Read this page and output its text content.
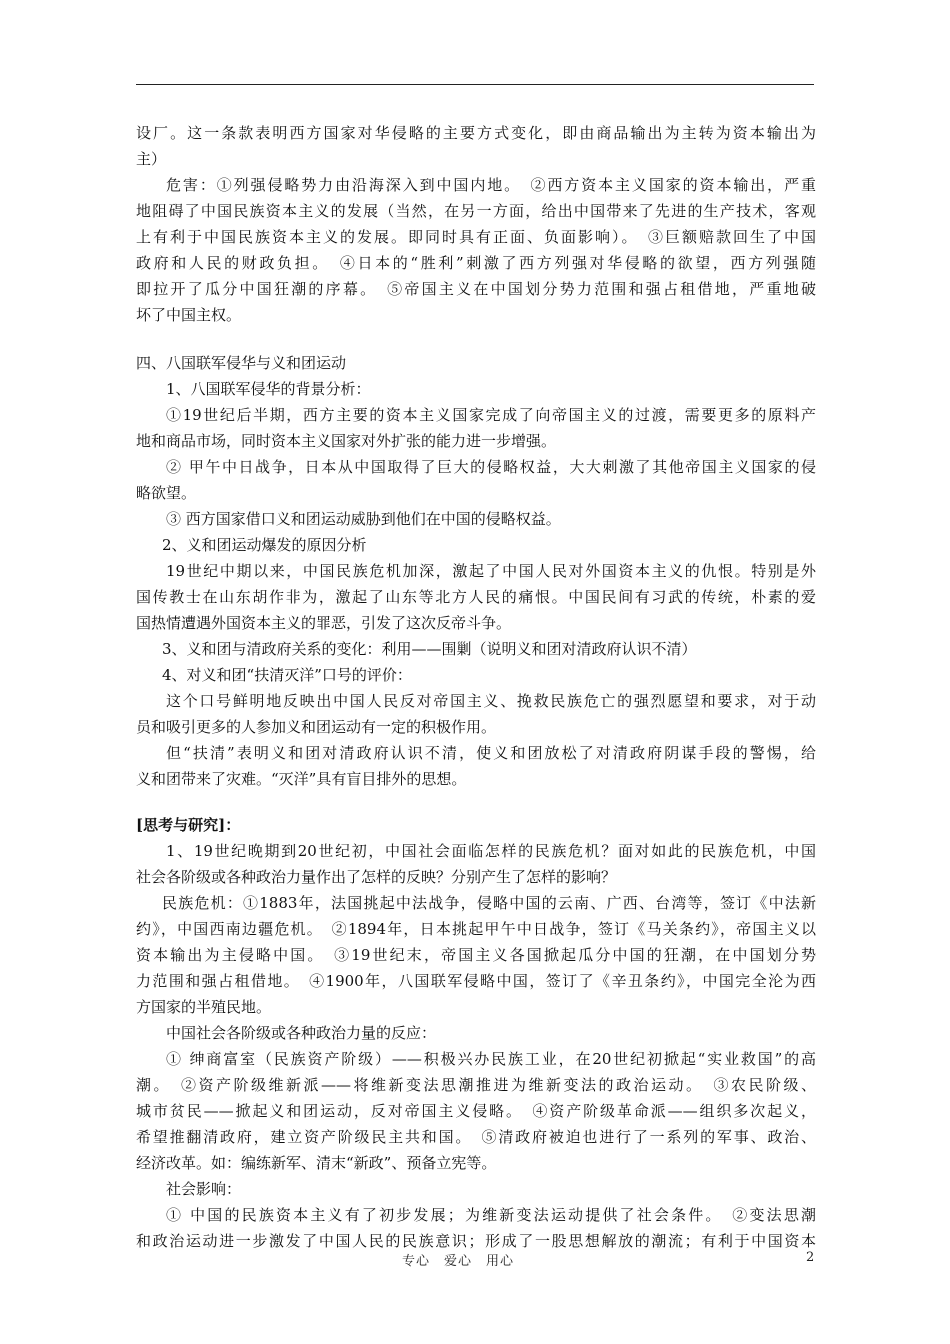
设厂。这一条款表明西方国家对华侵略的主要方式变化，即由商品输出为主转为资本输出为
主）
危害：①列强侵略势力由沿海深入到中国内地。　②西方资本主义国家的资本输出，严重
地阻碍了中国民族资本主义的发展（当然，在另一方面，给出中国带来了先进的生产技术，客观
上有利于中国民族资本主义的发展。即同时具有正面、负面影响）。　③巨额赔款回生了中国
政府和人民的财政负担。　④日本的“胜利”刺激了西方列强对华侵略的欲望，西方列强随
即拉开了瓜分中国狂潮的序幕。　⑤帝国主义在中国划分势力范围和强占租借地，严重地破
坏了中国主权。
四、八国联军侵华与义和团运动
1、八国联军侵华的背景分析：
①19世纪后半期，西方主要的资本主义国家完成了向帝国主义的过渡，需要更多的原料产
地和商品市场，同时资本主义国家对外扩张的能力进一步增强。
② 甲午中日战争，日本从中国取得了巨大的侵略权益，大大刺激了其他帝国主义国家的侵
略欲望。
③ 西方国家借口义和团运动威胁到他们在中国的侵略权益。
2、义和团运动爆发的原因分析
19世纪中期以来，中国民族危机加深，激起了中国人民对外国资本主义的仇恨。特别是外
国传教士在山东胡作非为，激起了山东等北方人民的痛恨。中国民间有习武的传统，朴素的爱
国热情遭遇外国资本主义的罪恶，引发了这次反帝斗争。
3、义和团与清政府关系的变化：利用——围剿（说明义和团对清政府认识不清）
4、对义和团“扶清灭洋”口号的评价：
这个口号鲜明地反映出中国人民反对帝国主义、挽救民族危亡的强烈愿望和要求，对于动
员和吸引更多的人参加义和团运动有一定的积极作用。
但“扶清”表明义和团对清政府认识不清，使义和团放松了对清政府阴谋手段的警惕，给
义和团带来了灾难。“灭洋”具有盲目排外的思想。
[思考与研究]：
1、19世纪晚期到20世纪初，中国社会面临怎样的民族危机？面对如此的民族危机，中国
社会各阶级或各种政治力量作出了怎样的反映？分别产生了怎样的影响？
民族危机：①1883年，法国挑起中法战争，侵略中国的云南、广西、台湾等，签订《中法新
约》，中国西南边疆危机。　②1894年，日本挑起甲午中日战争，签订《马关条约》，帝国主义以
资本输出为主侵略中国。　③19世纪末，帝国主义各国掀起瓜分中国的狂潮，在中国划分势
力范围和强占租借地。　④1900年，八国联军侵略中国，签订了《辛丑条约》，中国完全沦为西
方国家的半殖民地。
中国社会各阶级或各种政治力量的反应：
① 绅商富室（民族资产阶级）——积极兴办民族工业，在20世纪初掀起“实业救国”的高
潮。　②资产阶级维新派——将维新变法思潮推进为维新变法的政治运动。　③农民阶级、
城市贫民——掀起义和团运动，反对帝国主义侵略。　④资产阶级革命派——组织多次起义，
希望推翻清政府，建立资产阶级民主共和国。　⑤清政府被迫也进行了一系列的军事、政治、
经济改革。如：编练新军、清末“新政”、预备立宪等。
社会影响：
① 中国的民族资本主义有了初步发展；为维新变法运动提供了社会条件。　②变法思潮
和政治运动进一步激发了中国人民的民族意识；形成了一股思想解放的潮流；有利于中国资本
专心　爱心　用心	2
